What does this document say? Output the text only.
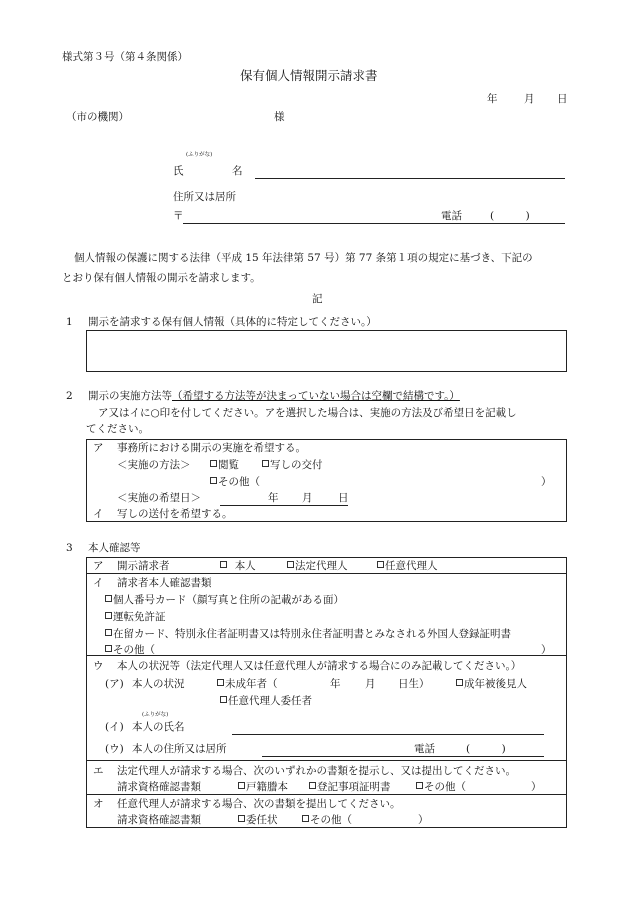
様式第３号（第４条関係）
保有個人情報開示請求書
年	月 日
（市の機関）	様
(ふりがな)
氏	名
住所又は居所
〒	電話	(　　　)
個人情報の保護に関する法律（平成 15 年法律第 57 号）第 77 条第１項の規定に基づき、下記の
とおり保有個人情報の開示を請求します。
記
1 開示を請求する保有個人情報（具体的に特定してください。）
2 開示の実施方法等（希望する方法等が決まっていない場合は空欄で結構です。）
ア又はイに○印を付してください。アを選択した場合は、実施の方法及び希望日を記載し
てください。
ア 事務所における開示の実施を希望する。
＜実施の方法＞	閲覧	写しの交付
その他（	）
＜実施の希望日＞	年 月 日
イ 写しの送付を希望する。
3 本人確認等
ア 開示請求者	本人	法定代理人	任意代理人
イ 請求者本人確認書類
個人番号カード（顔写真と住所の記載がある面）
運転免許証
在留カード、特別永住者証明書又は特別永住者証明書とみなされる外国人登録証明書
その他（	）
ウ 本人の状況等（法定代理人又は任意代理人が請求する場合にのみ記載してください。）
(ア) 本人の状況	未成年者（	年 月 日生）	成年被後見人
任意代理人委任者
(ふりがな)
(イ) 本人の氏名
(ウ) 本人の住所又は居所	電話	(　　　)
エ 法定代理人が請求する場合、次のいずれかの書類を提示し、又は提出してください。
請求資格確認書類	戸籍謄本	登記事項証明書	その他（	）
オ 任意代理人が請求する場合、次の書類を提出してください。
請求資格確認書類	委任状	その他（	）
